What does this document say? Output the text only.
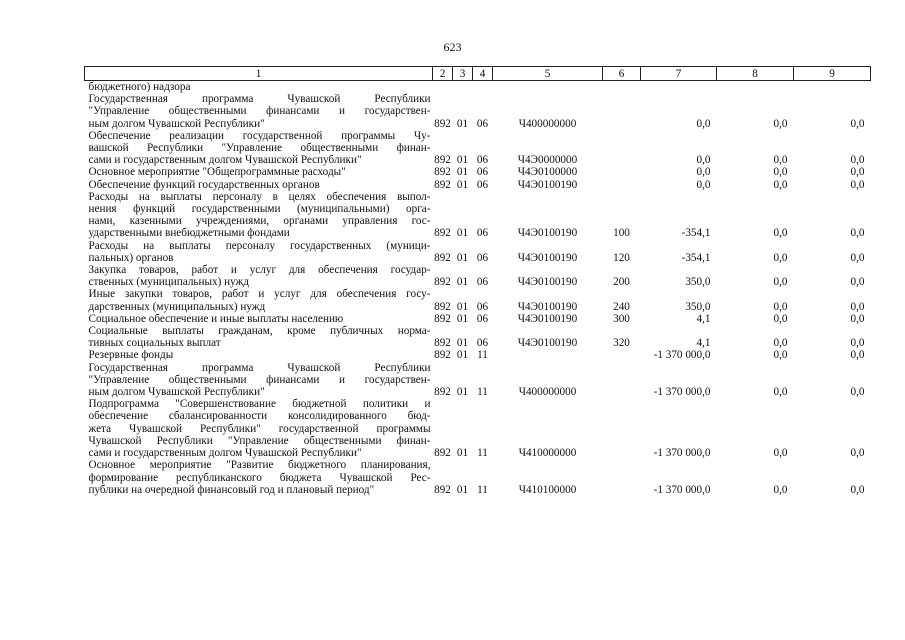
623
1	2	3	4	5	6	7	8	9

бюджетного) надзора								

Государственная программа Чувашской Республики
"Управление общественными финансами и государствен-
ным долгом Чувашской Республики"	892	01	06	Ч400000000		0,0	0,0	0,0

Обеспечение реализации государственной программы Чу-
вашской Республики "Управление общественными финан-
сами и государственным долгом Чувашской Республики"	892	01	06	Ч4Э0000000		0,0	0,0	0,0

Основное мероприятие "Общепрограммные расходы"	892	01	06	Ч4Э0100000		0,0	0,0	0,0

Обеспечение функций государственных органов	892	01	06	Ч4Э0100190		0,0	0,0	0,0

Расходы на выплаты персоналу в целях обеспечения выпол-
нения функций государственными (муниципальными) орга-
нами, казенными учреждениями, органами управления гос-
ударственными внебюджетными фондами	892	01	06	Ч4Э0100190	100	-354,1	0,0	0,0

Расходы на выплаты персоналу государственных (муници-
пальных) органов	892	01	06	Ч4Э0100190	120	-354,1	0,0	0,0

Закупка товаров, работ и услуг для обеспечения государ-
ственных (муниципальных) нужд	892	01	06	Ч4Э0100190	200	350,0	0,0	0,0

Иные закупки товаров, работ и услуг для обеспечения госу-
дарственных (муниципальных) нужд	892	01	06	Ч4Э0100190	240	350,0	0,0	0,0

Социальное обеспечение и иные выплаты населению	892	01	06	Ч4Э0100190	300	4,1	0,0	0,0

Социальные выплаты гражданам, кроме публичных норма-
тивных социальных выплат	892	01	06	Ч4Э0100190	320	4,1	0,0	0,0

Резервные фонды	892	01	11			-1 370 000,0	0,0	0,0

Государственная программа Чувашской Республики
"Управление общественными финансами и государствен-
ным долгом Чувашской Республики"	892	01	11	Ч400000000		-1 370 000,0	0,0	0,0

Подпрограмма "Совершенствование бюджетной политики и
обеспечение сбалансированности консолидированного бюд-
жета Чувашской Республики" государственной программы
Чувашской Республики "Управление общественными финан-
сами и государственным долгом Чувашской Республики"	892	01	11	Ч410000000		-1 370 000,0	0,0	0,0

Основное мероприятие "Развитие бюджетного планирования,
формирование республиканского бюджета Чувашской Рес-
публики на очередной финансовый год и плановый период"	892	01	11	Ч410100000		-1 370 000,0	0,0	0,0
